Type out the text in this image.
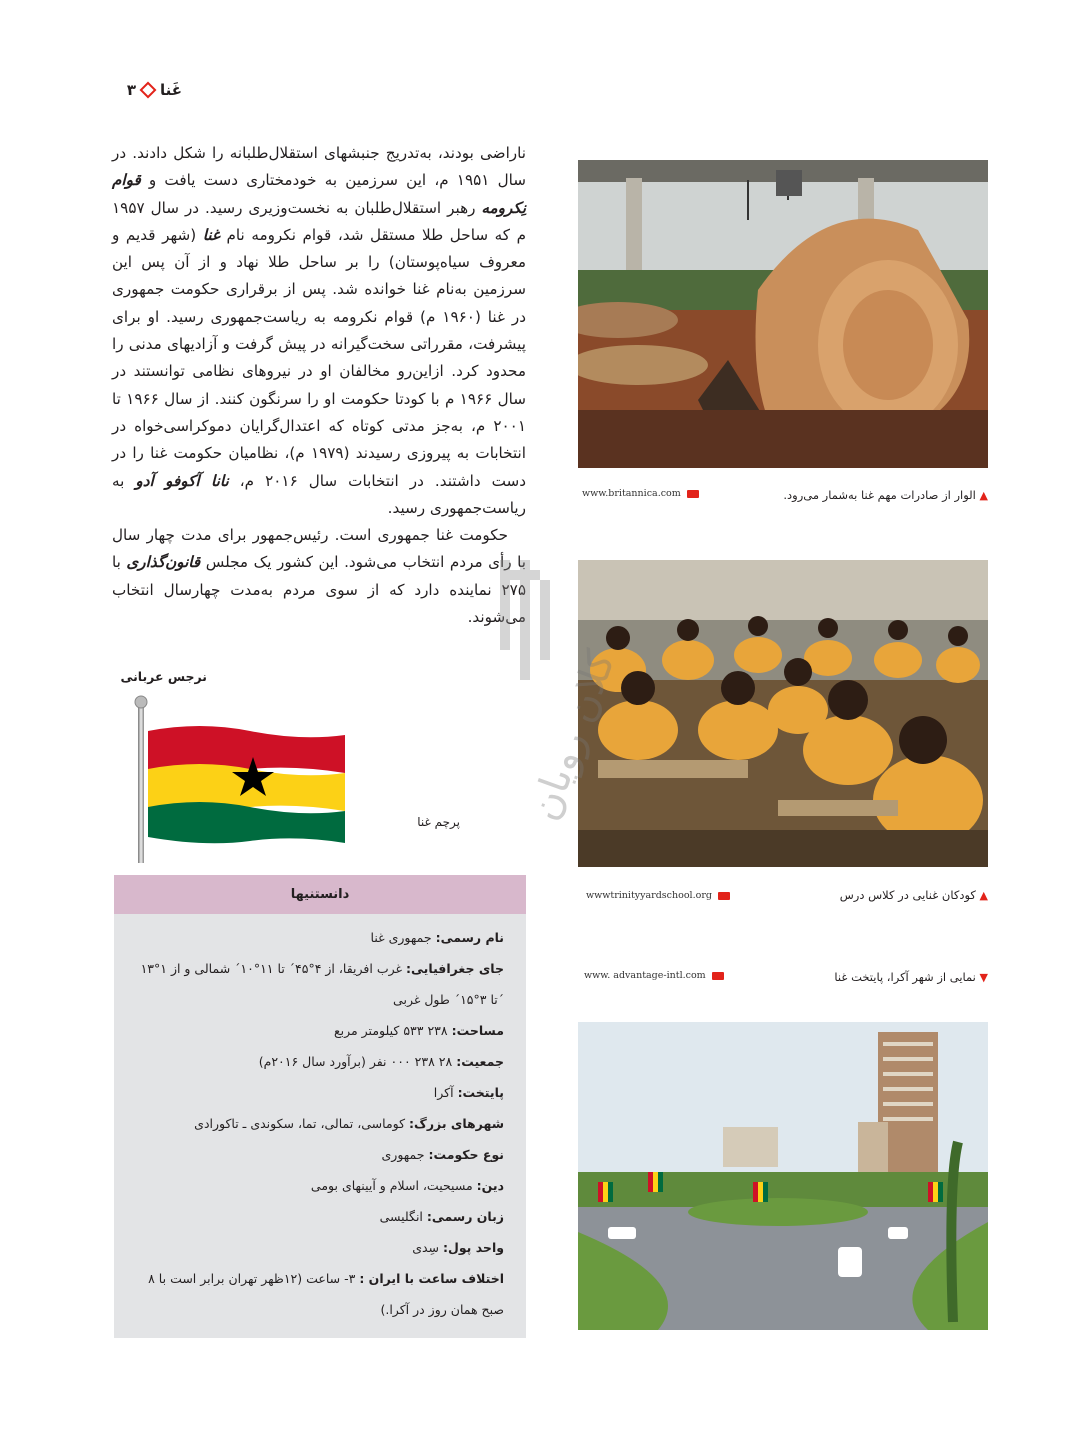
غَنا
۳

ناراضی بودند، به‌تدریج جنبشهای استقلال‌طلبانه را شکل دادند. در سال ۱۹۵۱ م، این سرزمین به خودمختاری دست یافت و قوام نِکرومه رهبر استقلال‌طلبان به نخست‌وزیری رسید. در سال ۱۹۵۷ م که ساحل طلا مستقل شد، قوام نکرومه نام غنا (شهر قدیم و معروف سیاه‌پوستان) را بر ساحل طلا نهاد و از آن پس این سرزمین به‌نام غنا خوانده شد. پس از برقراری حکومت جمهوری در غنا (۱۹۶۰ م) قوام نکرومه به ریاست‌جمهوری رسید. او برای پیشرفت، مقرراتی سخت‌گیرانه در پیش گرفت و آزادیهای مدنی را محدود کرد. ازاین‌رو مخالفان او در نیروهای نظامی توانستند در سال ۱۹۶۶ م با کودتا حکومت او را سرنگون کنند. از سال ۱۹۶۶ تا ۲۰۰۱ م، به‌جز مدتی کوتاه که اعتدال‌گرایان دموکراسی‌خواه در انتخابات به پیروزی رسیدند (۱۹۷۹ م)، نظامیان حکومت غنا را در دست داشتند. در انتخابات سال ۲۰۱۶ م، نانا آکوفو آدو به ریاست‌جمهوری رسید.

حکومت غنا جمهوری است. رئیس‌جمهور برای مدت چهار سال با رأی مردم انتخاب می‌شود. این کشور یک مجلس قانون‌گذاری با ۲۷۵ نماینده دارد که از سوی مردم به‌مدت چهارسال انتخاب می‌شوند.

نرجس عربانی
پرچم غنا
دانستنیها
نام رسمی: جمهوری غنا
جای جغرافیایی: غرب افریقا، از ۴°۴۵´ تا ۱۱°۱۰´ شمالی و از ۱°۱۳´تا ۳°۱۵´ طول غربی
مساحت: ۲۳۸ ۵۳۳ کیلومتر مربع
جمعیت: ۲۸ ۲۳۸ ۰۰۰ نفر (برآورد سال ۲۰۱۶م)
پایتخت: آکرا
شهرهای بزرگ: کوماسی، تمالی، تما، سکوندی ـ تاکورادی
نوع حکومت: جمهوری
دین: مسیحیت، اسلام و آیینهای بومی
زبان رسمی: انگلیسی
واحد پول: سِدی
اختلاف ساعت با ایران : ۳- ساعت (۱۲ظهر تهران برابر است با ۸ صبح همان روز در آکرا.)
▲ الوار از صادرات مهم غنا به‌شمار می‌رود.
www.britannica.com
▲ کودکان غنایی در کلاس درس
wwwtrinityyardschool.org
▼ نمایی از شهر آکرا، پایتخت غنا
www. advantage-intl.com
کلان رویان
